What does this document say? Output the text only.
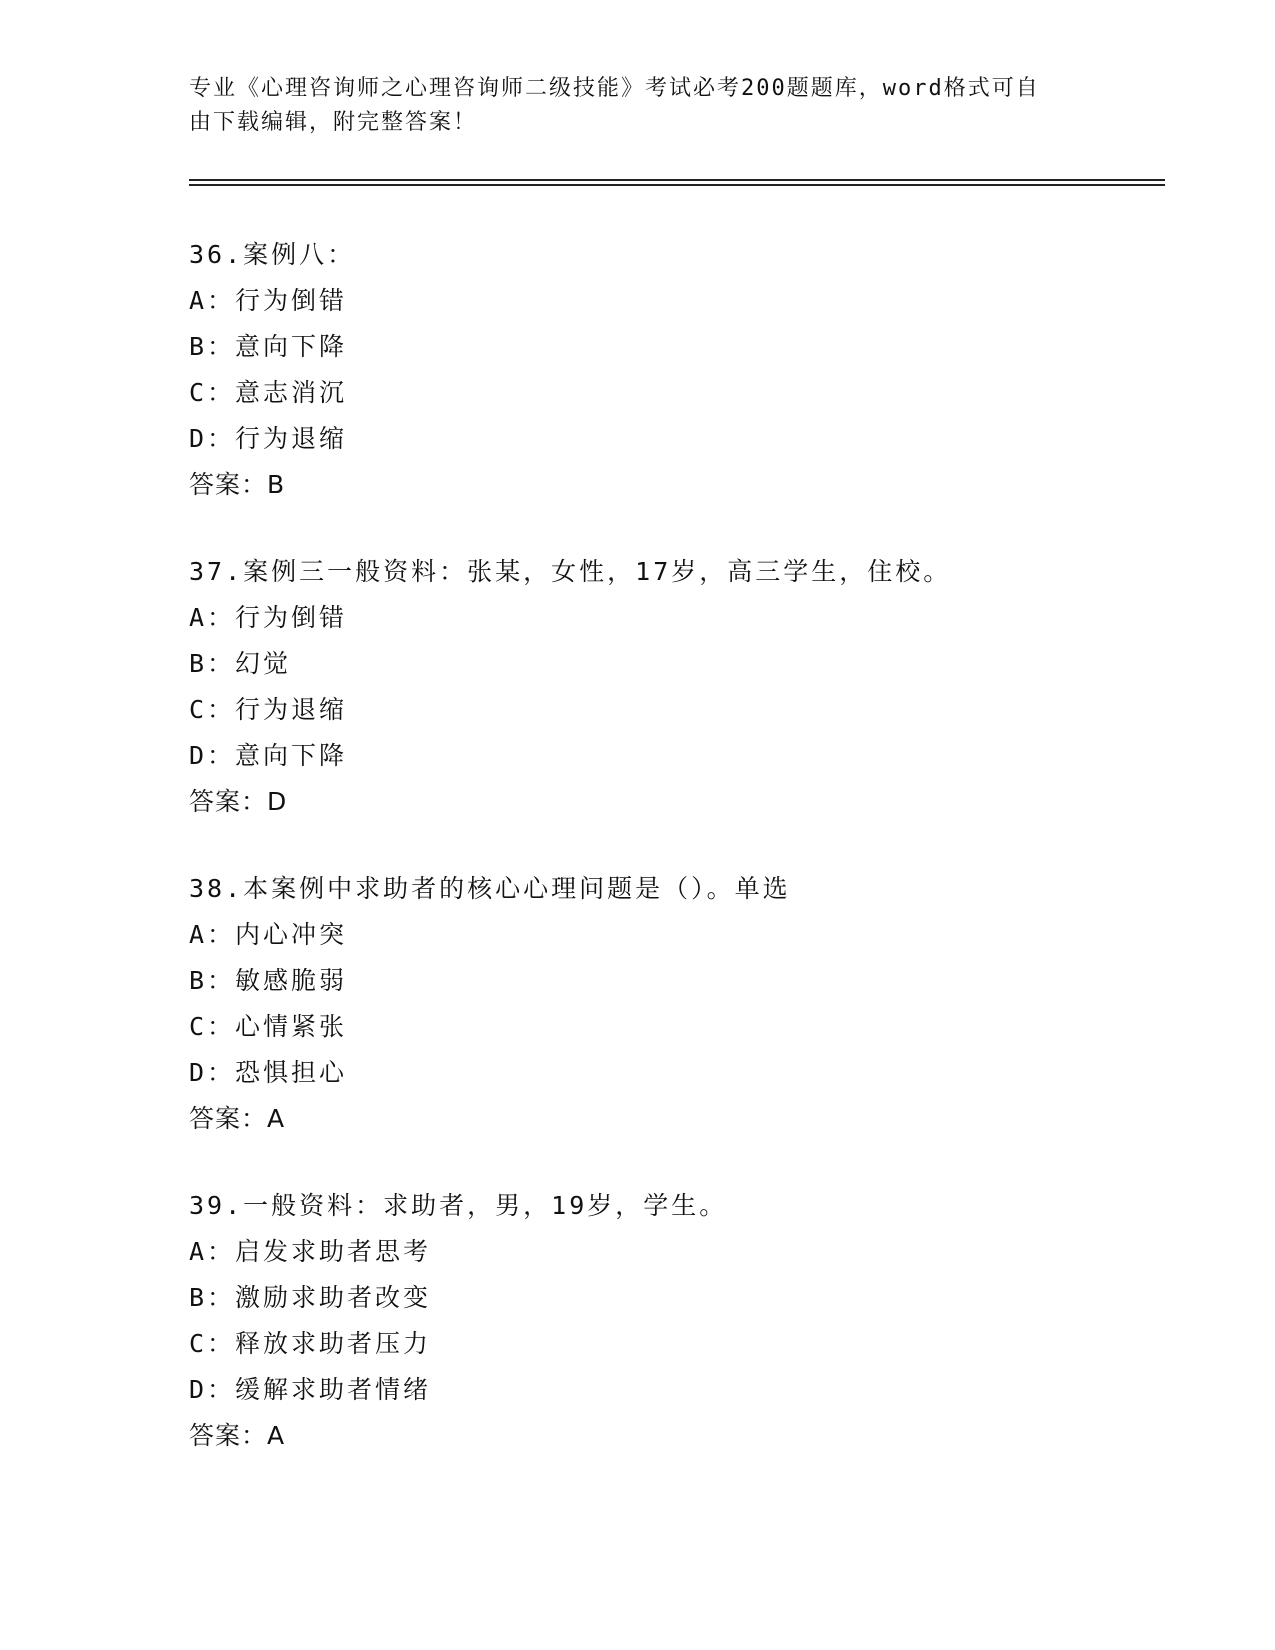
专业《心理咨询师之心理咨询师二级技能》考试必考200题题库，word格式可自
由下载编辑，附完整答案！
36.案例八：
A：行为倒错
B：意向下降
C：意志消沉
D：行为退缩
答案：B
37.案例三一般资料：张某，女性，17岁，高三学生，住校。
A：行为倒错
B：幻觉
C：行为退缩
D：意向下降
答案：D
38.本案例中求助者的核心心理问题是（）。单选
A：内心冲突
B：敏感脆弱
C：心情紧张
D：恐惧担心
答案：A
39.一般资料：求助者，男，19岁，学生。
A：启发求助者思考
B：激励求助者改变
C：释放求助者压力
D：缓解求助者情绪
答案：A
